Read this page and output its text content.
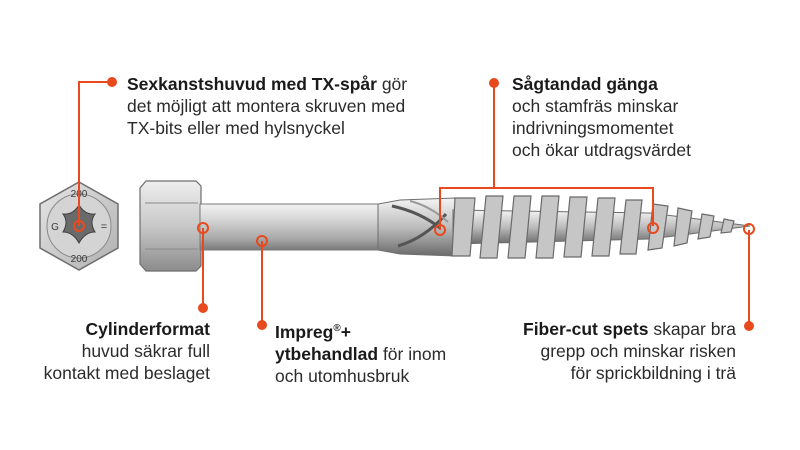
200
200
G	=
Sexkanstshuvud med TX-spår gör
det möjligt att montera skruven med
TX-bits eller med hylsnyckel
Sågtandad gänga
och stamfräs minskar
indrivningsmomentet
och ökar utdragsvärdet
Cylinderformat
huvud säkrar full
kontakt med beslaget
Impreg®+
ytbehandlad för inom
och utomhusbruk
Fiber-cut spets skapar bra
grepp och minskar risken
för sprickbildning i trä
